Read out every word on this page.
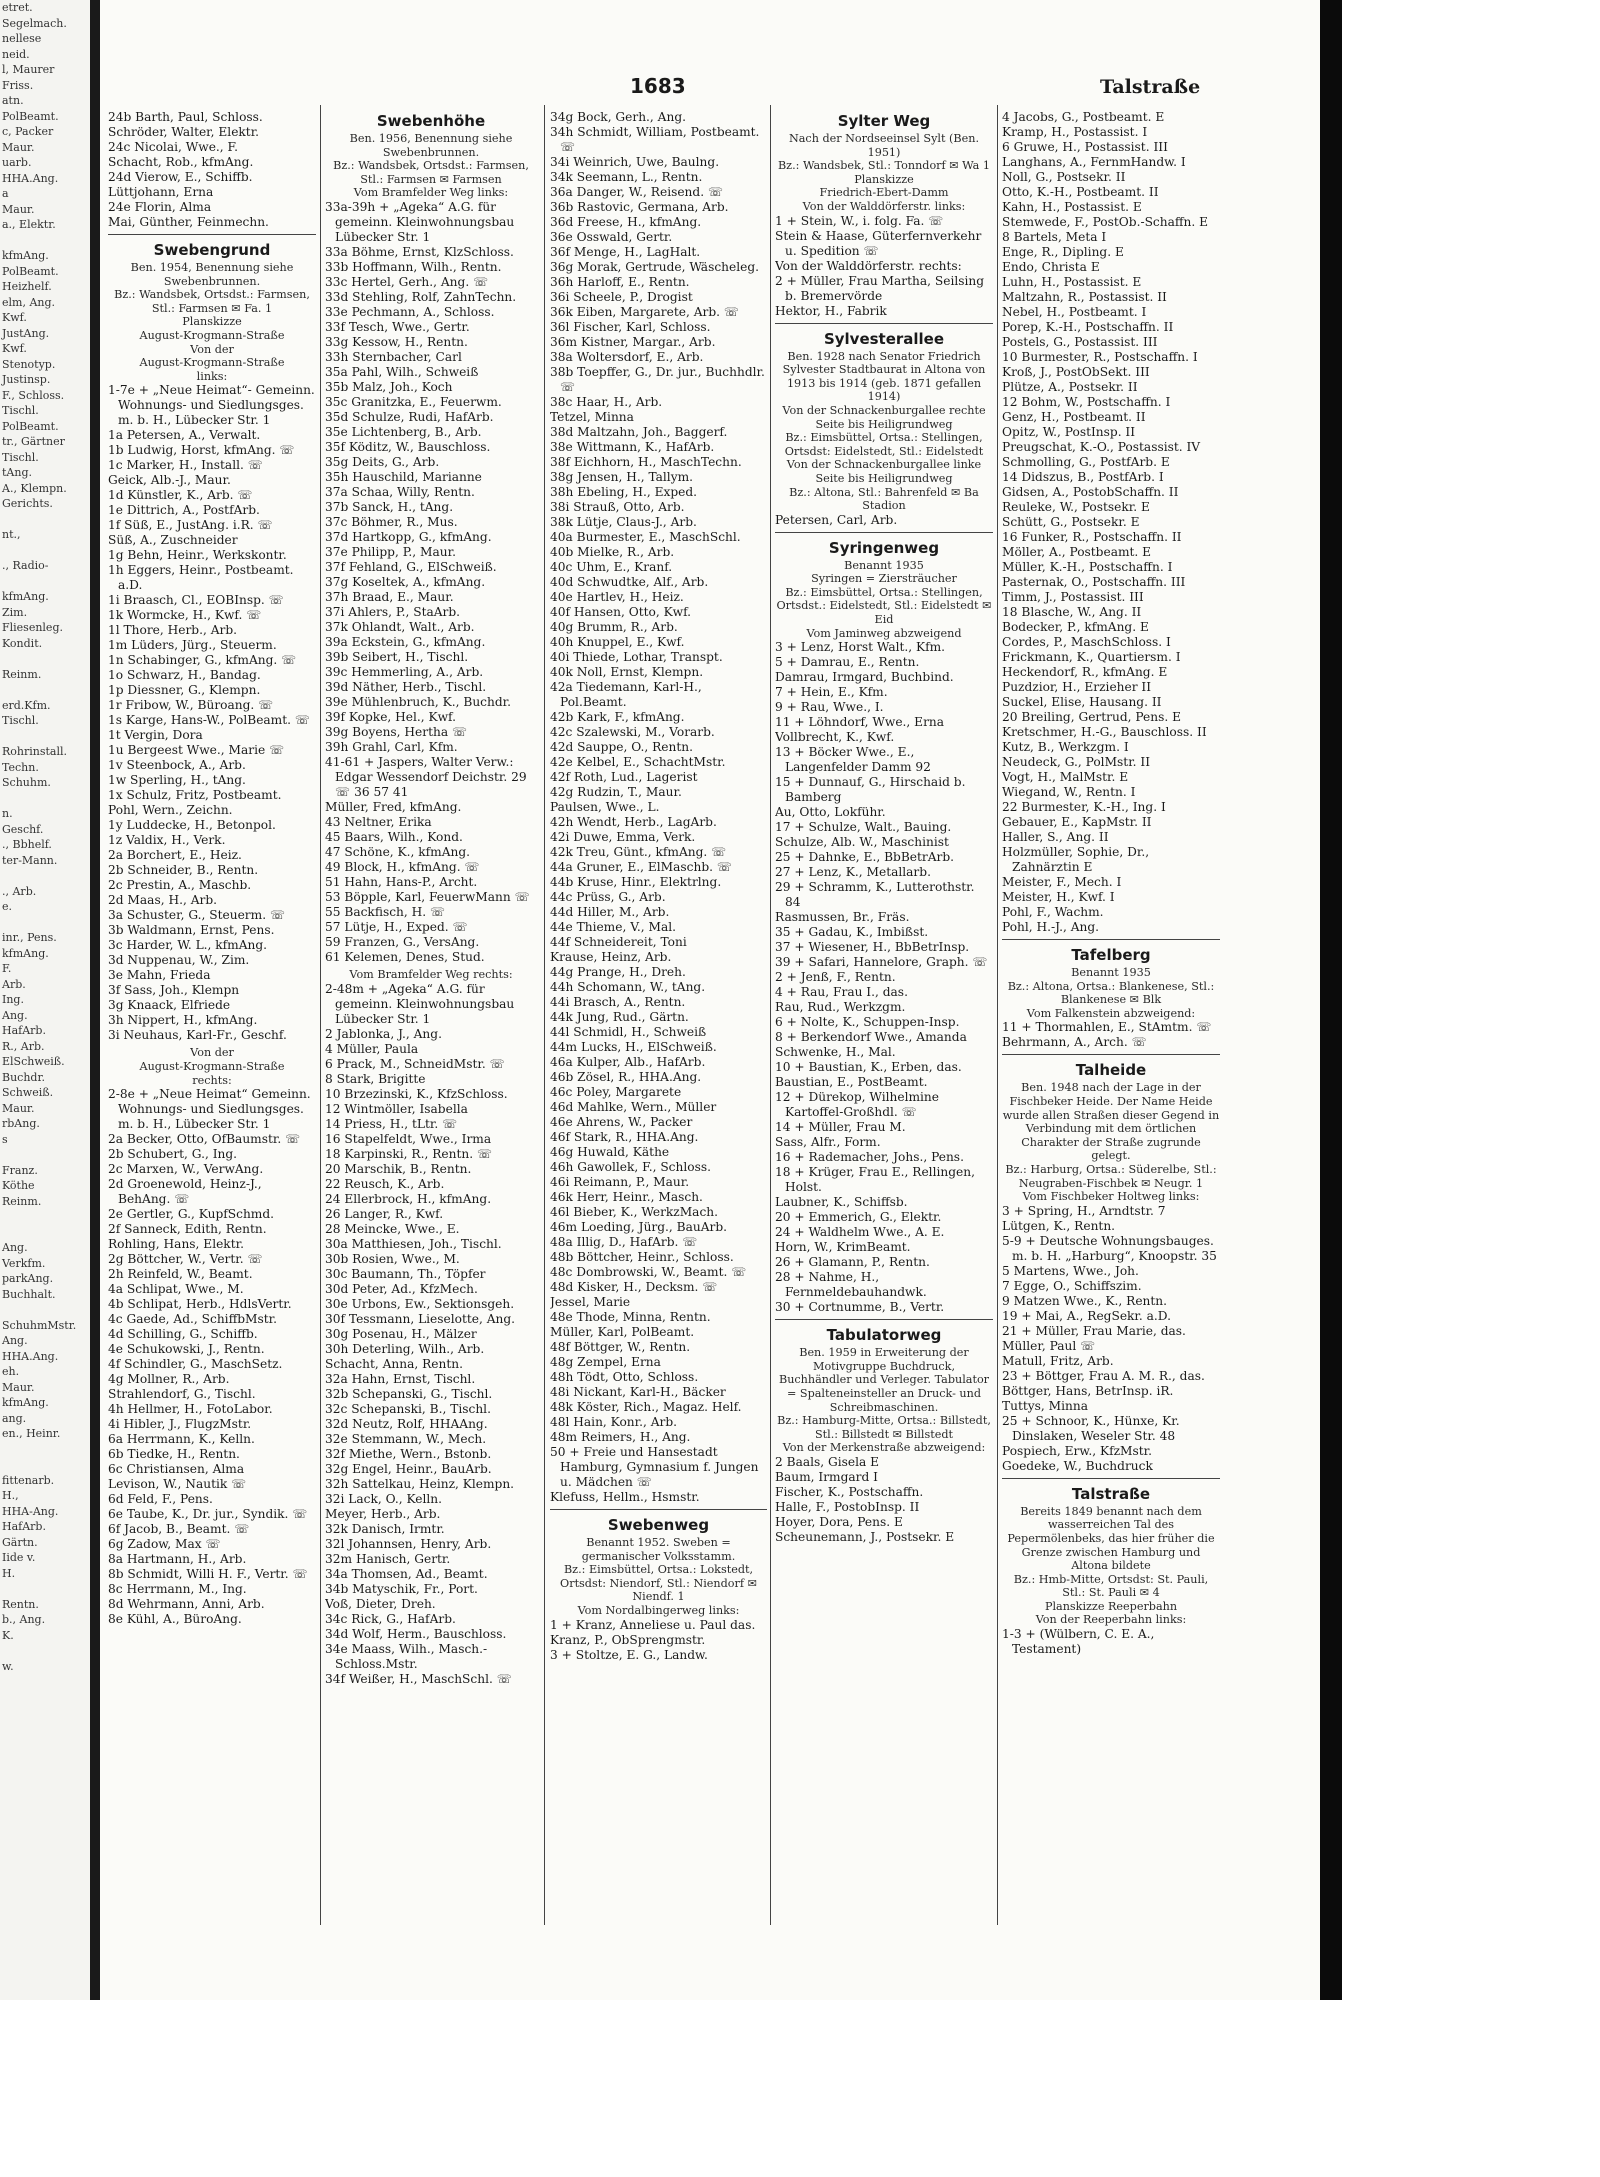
etret.
Segelmach.
nellese
neid.
l, Maurer
Friss.
atn.
PolBeamt.
c, Packer
Maur.
uarb.
HHA.Ang.
a
Maur.
a., Elektr.

kfmAng.
PolBeamt.
Heizhelf.
elm, Ang.
Kwf.
JustAng.
Kwf.
Stenotyp.
Justinsp.
F., Schloss.
Tischl.
PolBeamt.
tr., Gärtner
Tischl.
tAng.
A., Klempn.
Gerichts.

nt.,

., Radio-

kfmAng.
Zim.
Fliesenleg.
Kondit.

Reinm.

erd.Kfm.
Tischl.

Rohrinstall.
Techn.
Schuhm.

n.
Geschf.
., Bbhelf.
ter-Mann.

., Arb.
e.

inr., Pens.
kfmAng.
F.
Arb.
Ing.
Ang.
HafArb.
R., Arb.
ElSchweiß.
Buchdr.
Schweiß.
Maur.
rbAng.
s

Franz.
Köthe
Reinm.

Ang.
Verkfm.
parkAng.
Buchhalt.

SchuhmMstr.
Ang.
HHA.Ang.
eh.
Maur.
kfmAng.
ang.
en., Heinr.

fittenarb.
H.,
HHA-Ang.
HafArb.
Gärtn.
Iide v.
H.

Rentn.
b., Ang.
K.

w.
1683	Talstraße
24b Barth, Paul, Schloss.
Schröder, Walter, Elektr.
24c Nicolai, Wwe., F.
Schacht, Rob., kfmAng.
24d Vierow, E., Schiffb.
Lüttjohann, Erna
24e Florin, Alma
Mai, Günther, Feinmechn.
Swebengrund
Ben. 1954, Benennung siehe Swebenbrunnen.
Bz.: Wandsbek, Ortsdst.: Farmsen, Stl.: Farmsen ✉ Fa. 1
Planskizze
August-Krogmann-Straße
Von der
August-Krogmann-Straße
links:
1-7e + „Neue Heimat“- Gemeinn. Wohnungs- und Siedlungsges. m. b. H., Lübecker Str. 1
1a Petersen, A., Verwalt.
1b Ludwig, Horst, kfmAng. ☏
1c Marker, H., Install. ☏
Geick, Alb.-J., Maur.
1d Künstler, K., Arb. ☏
1e Dittrich, A., PostfArb.
1f Süß, E., JustAng. i.R. ☏
Süß, A., Zuschneider
1g Behn, Heinr., Werkskontr.
1h Eggers, Heinr., Postbeamt. a.D.
1i Braasch, Cl., EOBInsp. ☏
1k Wormcke, H., Kwf. ☏
1l Thore, Herb., Arb.
1m Lüders, Jürg., Steuerm.
1n Schabinger, G., kfmAng. ☏
1o Schwarz, H., Bandag.
1p Diessner, G., Klempn.
1r Fribow, W., Büroang. ☏
1s Karge, Hans-W., PolBeamt. ☏
1t Vergin, Dora
1u Bergeest Wwe., Marie ☏
1v Steenbock, A., Arb.
1w Sperling, H., tAng.
1x Schulz, Fritz, Postbeamt.
Pohl, Wern., Zeichn.
1y Luddecke, H., Betonpol.
1z Valdix, H., Verk.
2a Borchert, E., Heiz.
2b Schneider, B., Rentn.
2c Prestin, A., Maschb.
2d Maas, H., Arb.
3a Schuster, G., Steuerm. ☏
3b Waldmann, Ernst, Pens.
3c Harder, W. L., kfmAng.
3d Nuppenau, W., Zim.
3e Mahn, Frieda
3f Sass, Joh., Klempn
3g Knaack, Elfriede
3h Nippert, H., kfmAng.
3i Neuhaus, Karl-Fr., Geschf.
Von der
August-Krogmann-Straße
rechts:
2-8e + „Neue Heimat“ Gemeinn. Wohnungs- und Siedlungsges. m. b. H., Lübecker Str. 1
2a Becker, Otto, OfBaumstr. ☏
2b Schubert, G., Ing.
2c Marxen, W., VerwAng.
2d Groenewold, Heinz-J., BehAng. ☏
2e Gertler, G., KupfSchmd.
2f Sanneck, Edith, Rentn.
Rohling, Hans, Elektr.
2g Böttcher, W., Vertr. ☏
2h Reinfeld, W., Beamt.
4a Schlipat, Wwe., M.
4b Schlipat, Herb., HdlsVertr.
4c Gaede, Ad., SchiffbMstr.
4d Schilling, G., Schiffb.
4e Schukowski, J., Rentn.
4f Schindler, G., MaschSetz.
4g Mollner, R., Arb.
Strahlendorf, G., Tischl.
4h Hellmer, H., FotoLabor.
4i Hibler, J., FlugzMstr.
6a Herrmann, K., Kelln.
6b Tiedke, H., Rentn.
6c Christiansen, Alma
Levison, W., Nautik ☏
6d Feld, F., Pens.
6e Taube, K., Dr. jur., Syndik. ☏
6f Jacob, B., Beamt. ☏
6g Zadow, Max ☏
8a Hartmann, H., Arb.
8b Schmidt, Willi H. F., Vertr. ☏
8c Herrmann, M., Ing.
8d Wehrmann, Anni, Arb.
8e Kühl, A., BüroAng.
Swebenhöhe
Ben. 1956, Benennung siehe Swebenbrunnen.
Bz.: Wandsbek, Ortsdst.: Farmsen, Stl.: Farmsen ✉ Farmsen
Vom Bramfelder Weg links:
33a-39h + „Ageka“ A.G. für gemeinn. Kleinwohnungsbau Lübecker Str. 1
33a Böhme, Ernst, KlzSchloss.
33b Hoffmann, Wilh., Rentn.
33c Hertel, Gerh., Ang. ☏
33d Stehling, Rolf, ZahnTechn.
33e Pechmann, A., Schloss.
33f Tesch, Wwe., Gertr.
33g Kessow, H., Rentn.
33h Sternbacher, Carl
35a Pahl, Wilh., Schweiß
35b Malz, Joh., Koch
35c Granitzka, E., Feuerwm.
35d Schulze, Rudi, HafArb.
35e Lichtenberg, B., Arb.
35f Köditz, W., Bauschloss.
35g Deits, G., Arb.
35h Hauschild, Marianne
37a Schaa, Willy, Rentn.
37b Sanck, H., tAng.
37c Böhmer, R., Mus.
37d Hartkopp, G., kfmAng.
37e Philipp, P., Maur.
37f Fehland, G., ElSchweiß.
37g Koseltek, A., kfmAng.
37h Braad, E., Maur.
37i Ahlers, P., StaArb.
37k Ohlandt, Walt., Arb.
39a Eckstein, G., kfmAng.
39b Seibert, H., Tischl.
39c Hemmerling, A., Arb.
39d Näther, Herb., Tischl.
39e Mühlenbruch, K., Buchdr.
39f Kopke, Hel., Kwf.
39g Boyens, Hertha ☏
39h Grahl, Carl, Kfm.
41-61 + Jaspers, Walter Verw.: Edgar Wessendorf Deichstr. 29 ☏ 36 57 41
Müller, Fred, kfmAng.
43 Neltner, Erika
45 Baars, Wilh., Kond.
47 Schöne, K., kfmAng.
49 Block, H., kfmAng. ☏
51 Hahn, Hans-P., Archt.
53 Böpple, Karl, FeuerwMann ☏
55 Backfisch, H. ☏
57 Lütje, H., Exped. ☏
59 Franzen, G., VersAng.
61 Kelemen, Denes, Stud.
Vom Bramfelder Weg rechts:
2-48m + „Ageka“ A.G. für gemeinn. Kleinwohnungsbau Lübecker Str. 1
2 Jablonka, J., Ang.
4 Müller, Paula
6 Prack, M., SchneidMstr. ☏
8 Stark, Brigitte
10 Brzezinski, K., KfzSchloss.
12 Wintmöller, Isabella
14 Priess, H., tLtr. ☏
16 Stapelfeldt, Wwe., Irma
18 Karpinski, R., Rentn. ☏
20 Marschik, B., Rentn.
22 Reusch, K., Arb.
24 Ellerbrock, H., kfmAng.
26 Langer, R., Kwf.
28 Meincke, Wwe., E.
30a Matthiesen, Joh., Tischl.
30b Rosien, Wwe., M.
30c Baumann, Th., Töpfer
30d Peter, Ad., KfzMech.
30e Urbons, Ew., Sektionsgeh.
30f Tessmann, Lieselotte, Ang.
30g Posenau, H., Mälzer
30h Deterling, Wilh., Arb.
Schacht, Anna, Rentn.
32a Hahn, Ernst, Tischl.
32b Schepanski, G., Tischl.
32c Schepanski, B., Tischl.
32d Neutz, Rolf, HHAAng.
32e Stemmann, W., Mech.
32f Miethe, Wern., Bstonb.
32g Engel, Heinr., BauArb.
32h Sattelkau, Heinz, Klempn.
32i Lack, O., Kelln.
Meyer, Herb., Arb.
32k Danisch, Irmtr.
32l Johannsen, Henry, Arb.
32m Hanisch, Gertr.
34a Thomsen, Ad., Beamt.
34b Matyschik, Fr., Port.
Voß, Dieter, Dreh.
34c Rick, G., HafArb.
34d Wolf, Herm., Bauschloss.
34e Maass, Wilh., Masch.-Schloss.Mstr.
34f Weißer, H., MaschSchl. ☏
34g Bock, Gerh., Ang.
34h Schmidt, William, Postbeamt. ☏
34i Weinrich, Uwe, Baulng.
34k Seemann, L., Rentn.
36a Danger, W., Reisend. ☏
36b Rastovic, Germana, Arb.
36d Freese, H., kfmAng.
36e Osswald, Gertr.
36f Menge, H., LagHalt.
36g Morak, Gertrude, Wäscheleg.
36h Harloff, E., Rentn.
36i Scheele, P., Drogist
36k Eiben, Margarete, Arb. ☏
36l Fischer, Karl, Schloss.
36m Kistner, Margar., Arb.
38a Woltersdorf, E., Arb.
38b Toepffer, G., Dr. jur., Buchhdlr. ☏
38c Haar, H., Arb.
Tetzel, Minna
38d Maltzahn, Joh., Baggerf.
38e Wittmann, K., HafArb.
38f Eichhorn, H., MaschTechn.
38g Jensen, H., Tallym.
38h Ebeling, H., Exped.
38i Strauß, Otto, Arb.
38k Lütje, Claus-J., Arb.
40a Burmester, E., MaschSchl.
40b Mielke, R., Arb.
40c Uhm, E., Kranf.
40d Schwudtke, Alf., Arb.
40e Hartlev, H., Heiz.
40f Hansen, Otto, Kwf.
40g Brumm, R., Arb.
40h Knuppel, E., Kwf.
40i Thiede, Lothar, Transpt.
40k Noll, Ernst, Klempn.
42a Tiedemann, Karl-H., Pol.Beamt.
42b Kark, F., kfmAng.
42c Szalewski, M., Vorarb.
42d Sauppe, O., Rentn.
42e Kelbel, E., SchachtMstr.
42f Roth, Lud., Lagerist
42g Rudzin, T., Maur.
Paulsen, Wwe., L.
42h Wendt, Herb., LagArb.
42i Duwe, Emma, Verk.
42k Treu, Günt., kfmAng. ☏
44a Gruner, E., ElMaschb. ☏
44b Kruse, Hinr., Elektrlng.
44c Prüss, G., Arb.
44d Hiller, M., Arb.
44e Thieme, V., Mal.
44f Schneidereit, Toni
Krause, Heinz, Arb.
44g Prange, H., Dreh.
44h Schomann, W., tAng.
44i Brasch, A., Rentn.
44k Jung, Rud., Gärtn.
44l Schmidl, H., Schweiß
44m Lucks, H., ElSchweiß.
46a Kulper, Alb., HafArb.
46b Zösel, R., HHA.Ang.
46c Poley, Margarete
46d Mahlke, Wern., Müller
46e Ahrens, W., Packer
46f Stark, R., HHA.Ang.
46g Huwald, Käthe
46h Gawollek, F., Schloss.
46i Reimann, P., Maur.
46k Herr, Heinr., Masch.
46l Bieber, K., WerkzMach.
46m Loeding, Jürg., BauArb.
48a Illig, D., HafArb. ☏
48b Böttcher, Heinr., Schloss.
48c Dombrowski, W., Beamt. ☏
48d Kisker, H., Decksm. ☏
Jessel, Marie
48e Thode, Minna, Rentn.
Müller, Karl, PolBeamt.
48f Böttger, W., Rentn.
48g Zempel, Erna
48h Tödt, Otto, Schloss.
48i Nickant, Karl-H., Bäcker
48k Köster, Rich., Magaz. Helf.
48l Hain, Konr., Arb.
48m Reimers, H., Ang.
50 + Freie und Hansestadt Hamburg, Gymnasium f. Jungen u. Mädchen ☏
Klefuss, Hellm., Hsmstr.
Swebenweg
Benannt 1952. Sweben = germanischer Volksstamm.
Bz.: Eimsbüttel, Ortsa.: Lokstedt, Ortsdst: Niendorf, Stl.: Niendorf ✉ Niendf. 1
Vom Nordalbingerweg links:
1 + Kranz, Anneliese u. Paul das.
Kranz, P., ObSprengmstr.
3 + Stoltze, E. G., Landw.
Sylter Weg
Nach der Nordseeinsel Sylt (Ben. 1951)
Bz.: Wandsbek, Stl.: Tonndorf ✉ Wa 1
Planskizze
Friedrich-Ebert-Damm
Von der Walddörferstr. links:
1 + Stein, W., i. folg. Fa. ☏
Stein & Haase, Güterfernverkehr u. Spedition ☏
Von der Walddörferstr. rechts:
2 + Müller, Frau Martha, Seilsing b. Bremervörde
Hektor, H., Fabrik
Sylvesterallee
Ben. 1928 nach Senator Friedrich Sylvester Stadtbaurat in Altona von 1913 bis 1914 (geb. 1871 gefallen 1914)
Von der Schnackenburgallee rechte Seite bis Heiligrundweg
Bz.: Eimsbüttel, Ortsa.: Stellingen, Ortsdst: Eidelstedt, Stl.: Eidelstedt
Von der Schnackenburgallee linke Seite bis Heiligrundweg
Bz.: Altona, Stl.: Bahrenfeld ✉ Ba
Stadion
Petersen, Carl, Arb.
Syringenweg
Benannt 1935
Syringen = Ziersträucher
Bz.: Eimsbüttel, Ortsa.: Stellingen, Ortsdst.: Eidelstedt, Stl.: Eidelstedt ✉ Eid
Vom Jaminweg abzweigend
3 + Lenz, Horst Walt., Kfm.
5 + Damrau, E., Rentn.
Damrau, Irmgard, Buchbind.
7 + Hein, E., Kfm.
9 + Rau, Wwe., I.
11 + Löhndorf, Wwe., Erna
Vollbrecht, K., Kwf.
13 + Böcker Wwe., E., Langenfelder Damm 92
15 + Dunnauf, G., Hirschaid b. Bamberg
Au, Otto, Lokführ.
17 + Schulze, Walt., Bauing.
Schulze, Alb. W., Maschinist
25 + Dahnke, E., BbBetrArb.
27 + Lenz, K., Metallarb.
29 + Schramm, K., Lutterothstr. 84
Rasmussen, Br., Fräs.
35 + Gadau, K., Imbißst.
37 + Wiesener, H., BbBetrInsp.
39 + Safari, Hannelore, Graph. ☏
2 + Jenß, F., Rentn.
4 + Rau, Frau I., das.
Rau, Rud., Werkzgm.
6 + Nolte, K., Schuppen-Insp.
8 + Berkendorf Wwe., Amanda
Schwenke, H., Mal.
10 + Baustian, K., Erben, das.
Baustian, E., PostBeamt.
12 + Dürekop, Wilhelmine Kartoffel-Großhdl. ☏
14 + Müller, Frau M.
Sass, Alfr., Form.
16 + Rademacher, Johs., Pens.
18 + Krüger, Frau E., Rellingen, Holst.
Laubner, K., Schiffsb.
20 + Emmerich, G., Elektr.
24 + Waldhelm Wwe., A. E.
Horn, W., KrimBeamt.
26 + Glamann, P., Rentn.
28 + Nahme, H., Fernmeldebauhandwk.
30 + Cortnumme, B., Vertr.
Tabulatorweg
Ben. 1959 in Erweiterung der Motivgruppe Buchdruck, Buchhändler und Verleger. Tabulator = Spalteneinsteller an Druck- und Schreibmaschinen.
Bz.: Hamburg-Mitte, Ortsa.: Billstedt, Stl.: Billstedt ✉ Billstedt
Von der Merkenstraße abzweigend:
2 Baals, Gisela E
Baum, Irmgard I
Fischer, K., Postschaffn.
Halle, F., PostobInsp. II
Hoyer, Dora, Pens. E
Scheunemann, J., Postsekr. E
4 Jacobs, G., Postbeamt. E
Kramp, H., Postassist. I
6 Gruwe, H., Postassist. III
Langhans, A., FernmHandw. I
Noll, G., Postsekr. II
Otto, K.-H., Postbeamt. II
Kahn, H., Postassist. E
Stemwede, F., PostOb.-Schaffn. E
8 Bartels, Meta I
Enge, R., Dipling. E
Endo, Christa E
Luhn, H., Postassist. E
Maltzahn, R., Postassist. II
Nebel, H., Postbeamt. I
Porep, K.-H., Postschaffn. II
Postels, G., Postassist. III
10 Burmester, R., Postschaffn. I
Kroß, J., PostObSekt. III
Plütze, A., Postsekr. II
12 Bohm, W., Postschaffn. I
Genz, H., Postbeamt. II
Opitz, W., PostInsp. II
Preugschat, K.-O., Postassist. IV
Schmolling, G., PostfArb. E
14 Didszus, B., PostfArb. I
Gidsen, A., PostobSchaffn. II
Reuleke, W., Postsekr. E
Schütt, G., Postsekr. E
16 Funker, R., Postschaffn. II
Möller, A., Postbeamt. E
Müller, K.-H., Postschaffn. I
Pasternak, O., Postschaffn. III
Timm, J., Postassist. III
18 Blasche, W., Ang. II
Bodecker, P., kfmAng. E
Cordes, P., MaschSchloss. I
Frickmann, K., Quartiersm. I
Heckendorf, R., kfmAng. E
Puzdzior, H., Erzieher II
Suckel, Elise, Hausang. II
20 Breiling, Gertrud, Pens. E
Kretschmer, H.-G., Bauschloss. II
Kutz, B., Werkzgm. I
Neudeck, G., PolMstr. II
Vogt, H., MalMstr. E
Wiegand, W., Rentn. I
22 Burmester, K.-H., Ing. I
Gebauer, E., KapMstr. II
Haller, S., Ang. II
Holzmüller, Sophie, Dr., Zahnärztin E
Meister, F., Mech. I
Meister, H., Kwf. I
Pohl, F., Wachm.
Pohl, H.-J., Ang.
Tafelberg
Benannt 1935
Bz.: Altona, Ortsa.: Blankenese, Stl.: Blankenese ✉ Blk
Vom Falkenstein abzweigend:
11 + Thormahlen, E., StAmtm. ☏
Behrmann, A., Arch. ☏
Talheide
Ben. 1948 nach der Lage in der Fischbeker Heide. Der Name Heide wurde allen Straßen dieser Gegend in Verbindung mit dem örtlichen Charakter der Straße zugrunde gelegt.
Bz.: Harburg, Ortsa.: Süderelbe, Stl.: Neugraben-Fischbek ✉ Neugr. 1
Vom Fischbeker Holtweg links:
3 + Spring, H., Arndtstr. 7
Lütgen, K., Rentn.
5-9 + Deutsche Wohnungsbauges. m. b. H. „Harburg“, Knoopstr. 35
5 Martens, Wwe., Joh.
7 Egge, O., Schiffszim.
9 Matzen Wwe., K., Rentn.
19 + Mai, A., RegSekr. a.D.
21 + Müller, Frau Marie, das.
Müller, Paul ☏
Matull, Fritz, Arb.
23 + Böttger, Frau A. M. R., das.
Böttger, Hans, BetrInsp. iR.
Tuttys, Minna
25 + Schnoor, K., Hünxe, Kr. Dinslaken, Weseler Str. 48
Pospiech, Erw., KfzMstr.
Goedeke, W., Buchdruck
Talstraße
Bereits 1849 benannt nach dem wasserreichen Tal des Pepermölenbeks, das hier früher die Grenze zwischen Hamburg und Altona bildete
Bz.: Hmb-Mitte, Ortsdst: St. Pauli, Stl.: St. Pauli ✉ 4
Planskizze Reeperbahn
Von der Reeperbahn links:
1-3 + (Wülbern, C. E. A., Testament)
